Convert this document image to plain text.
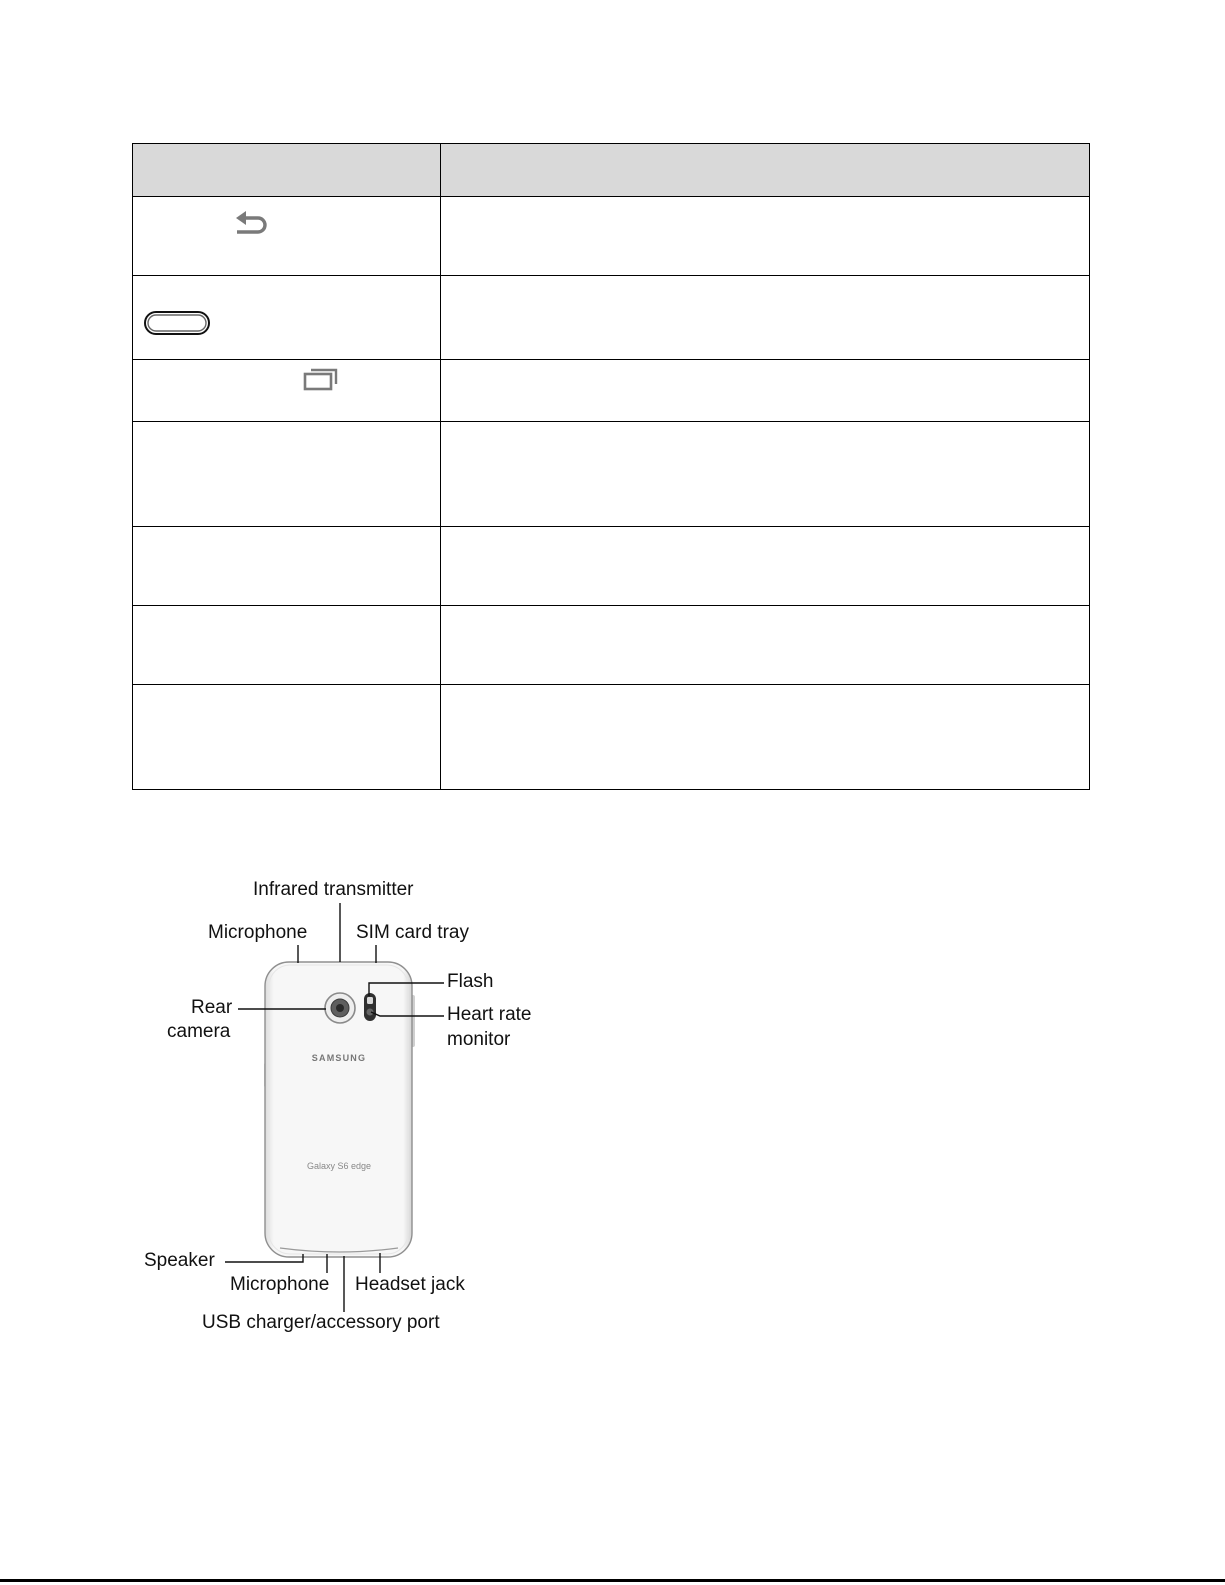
SAMSUNG
Galaxy S6 edge
Infrared transmitter
Microphone	SIM card tray
Flash
Heart rate
monitor
Rear
camera
Speaker
Microphone Headset jack
USB charger/accessory port
